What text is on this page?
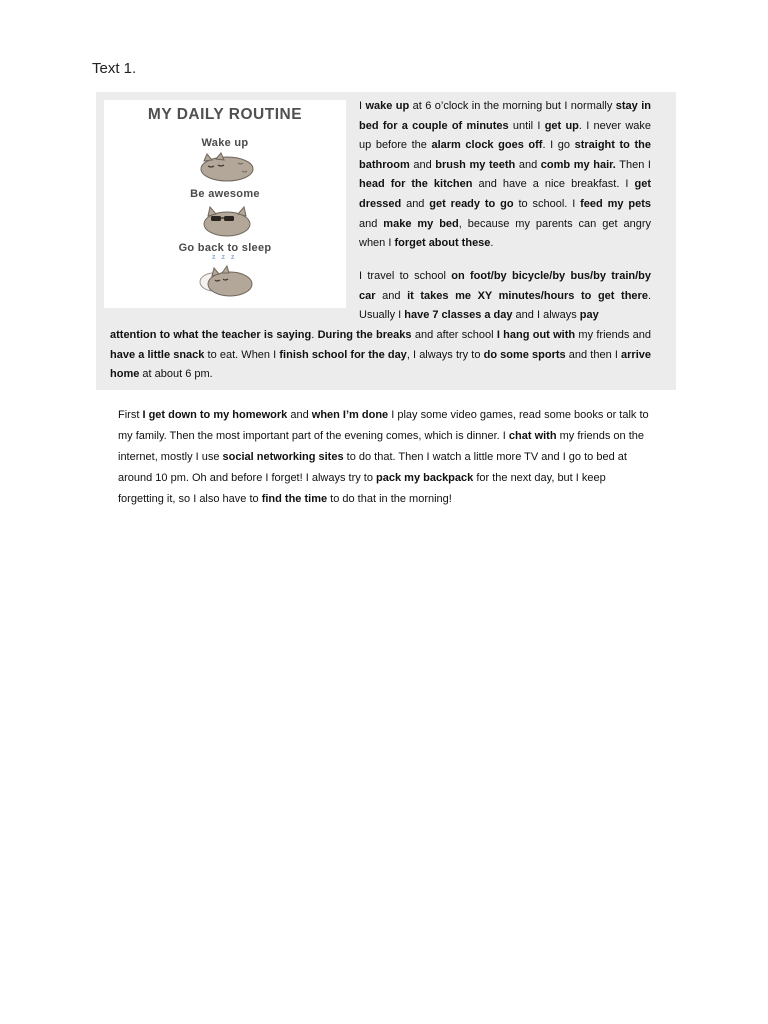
Text 1.
MY DAILY ROUTINE
Wake up
Be awesome
Go back to sleep
z z z

I wake up at 6 o’clock in the morning but I normally stay in bed for a couple of minutes until I get up. I never wake up before the alarm clock goes off. I go straight to the bathroom and brush my teeth and comb my hair. Then I head for the kitchen and have a nice breakfast. I get dressed and get ready to go to school. I feed my pets and make my bed, because my parents can get angry when I forget about these.

I travel to school on foot/by bicycle/by bus/by train/by car and it takes me XY minutes/hours to get there. Usually I have 7 classes a day and I always pay

attention to what the teacher is saying. During the breaks and after school I hang out with my friends and have a little snack to eat. When I finish school for the day, I always try to do some sports and then I arrive home at about 6 pm.

First I get down to my homework and when I’m done I play some video games, read some books or talk to my family. Then the most important part of the evening comes, which is dinner. I chat with my friends on the internet, mostly I use social networking sites to do that. Then I watch a little more TV and I go to bed at around 10 pm. Oh and before I forget! I always try to pack my backpack for the next day, but I keep forgetting it, so I also have to find the time to do that in the morning!
